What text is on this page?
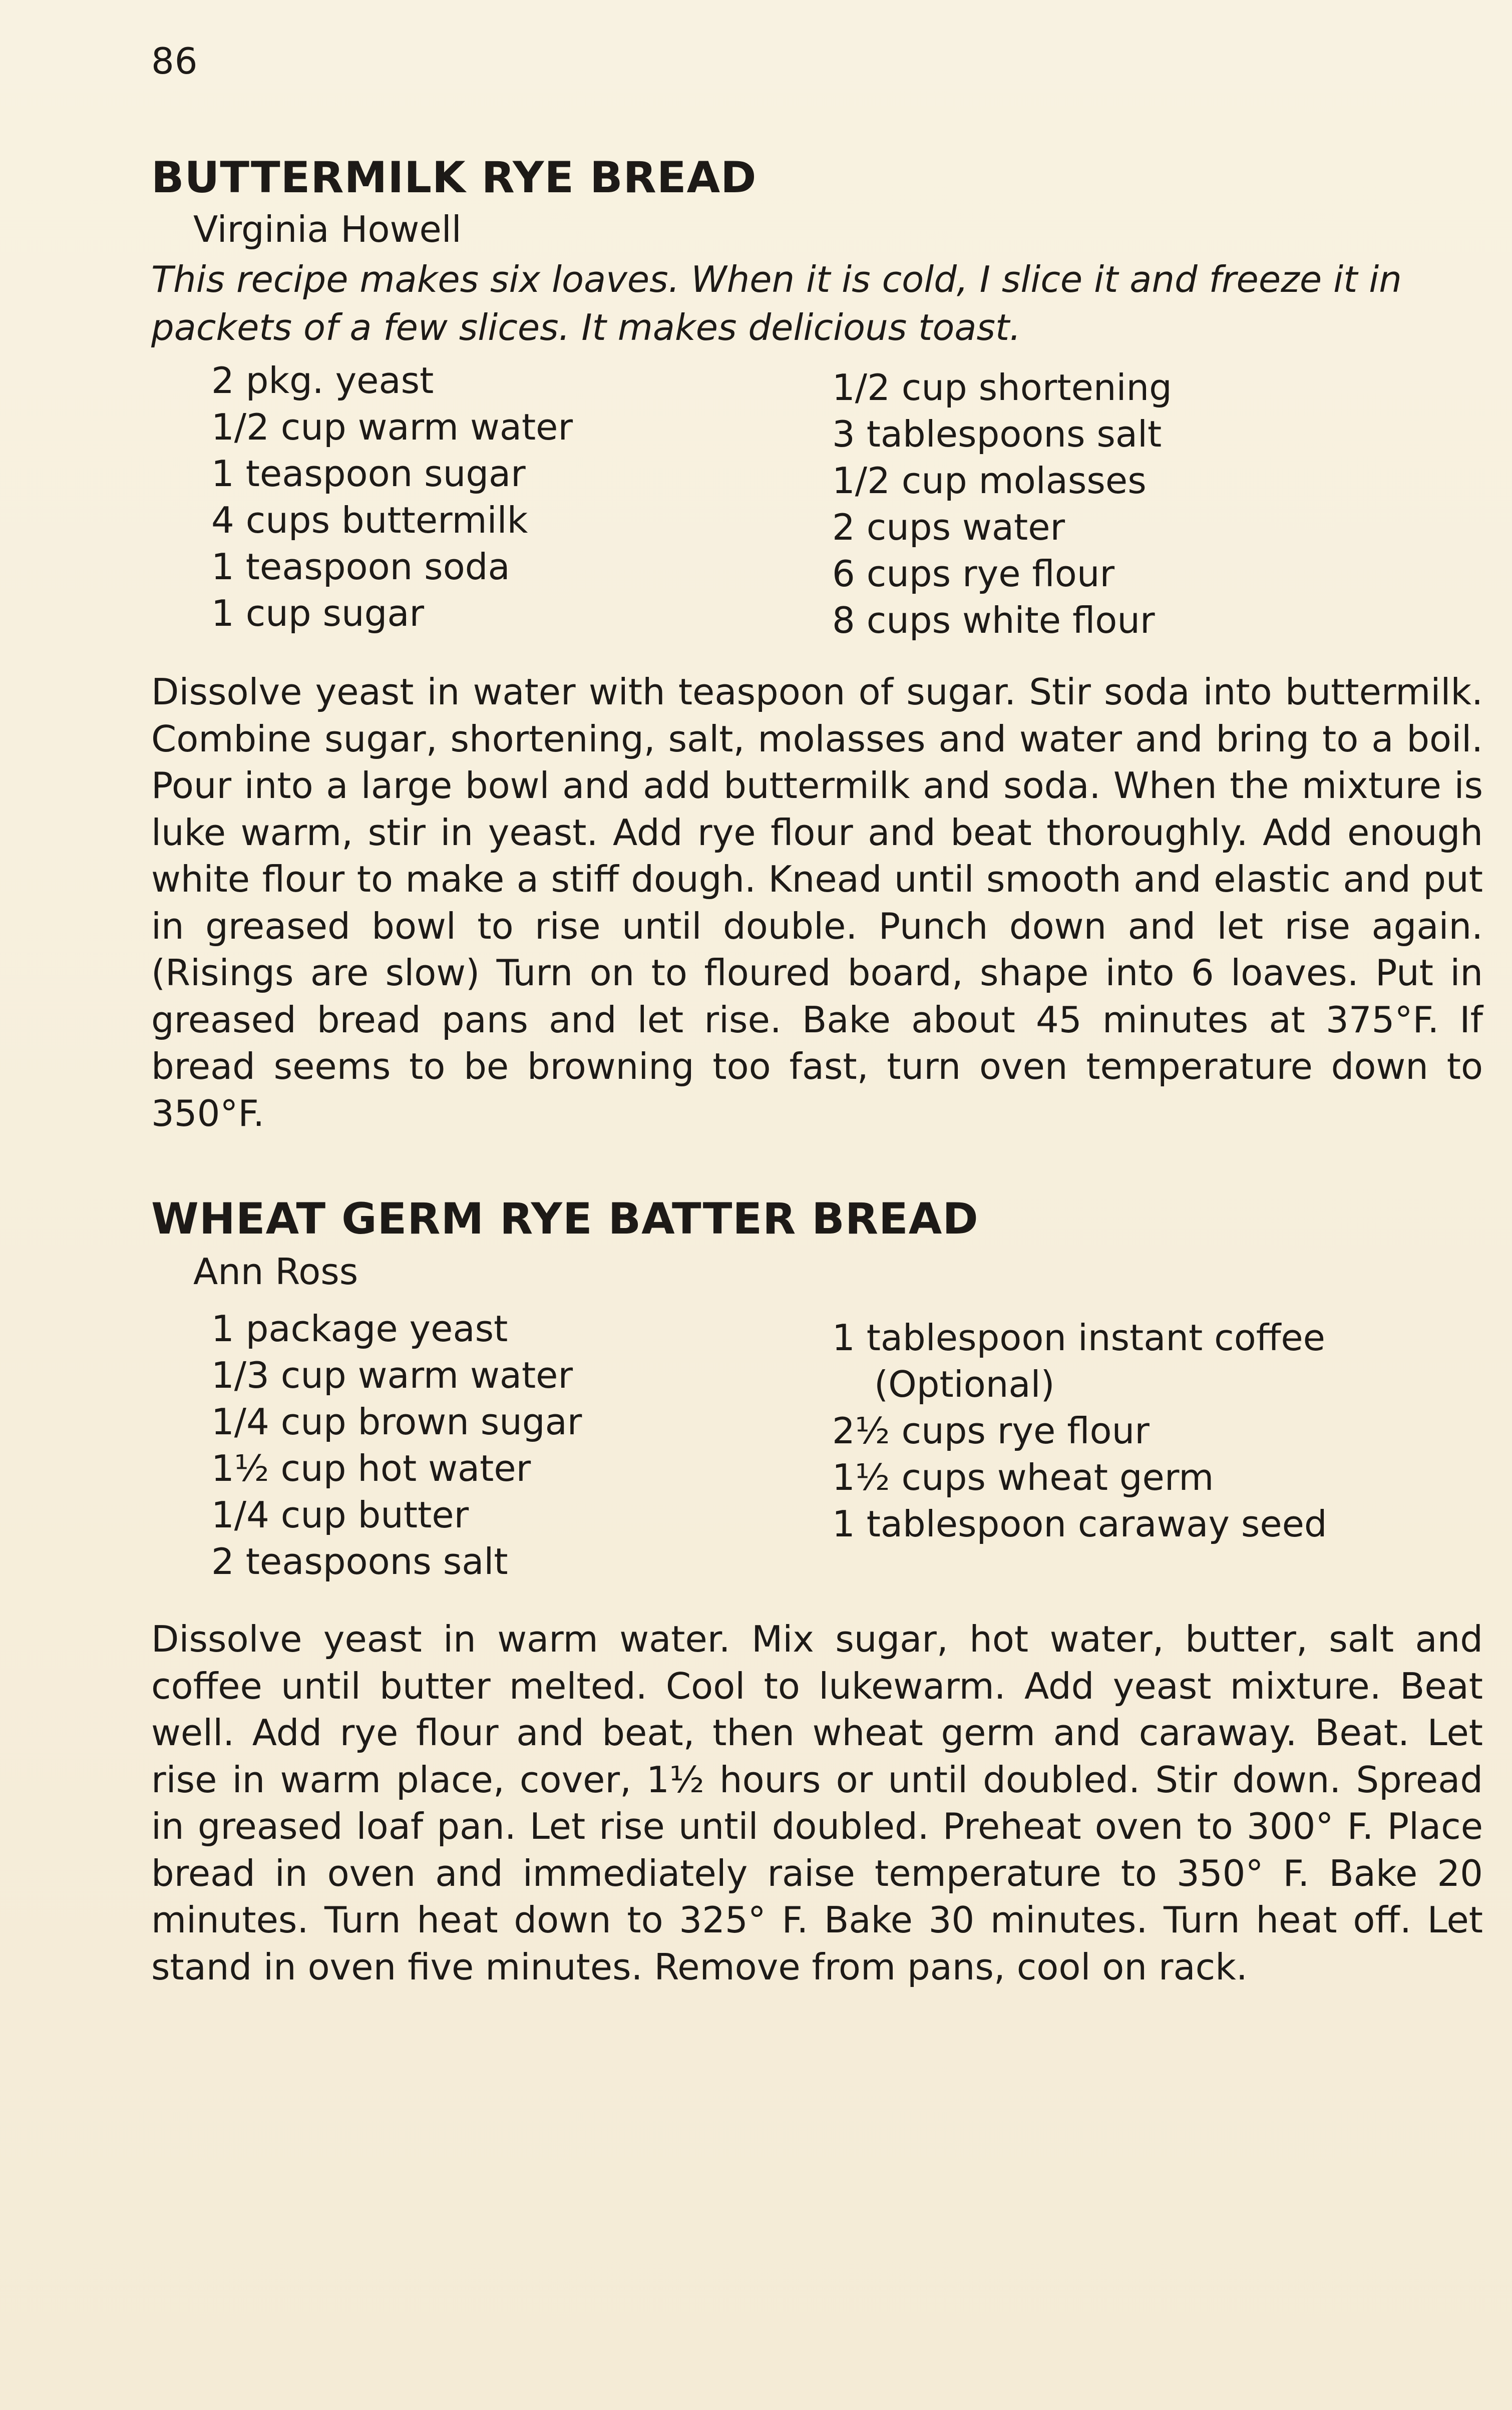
86
BUTTERMILK RYE BREAD
Virginia Howell
This recipe makes six loaves. When it is cold, I slice it and freeze it in packets of a few slices. It makes delicious toast.
2 pkg. yeast
1/2 cup warm water
1 teaspoon sugar
4 cups buttermilk
1 teaspoon soda
1 cup sugar
1/2 cup shortening
3 tablespoons salt
1/2 cup molasses
2 cups water
6 cups rye flour
8 cups white flour

Dissolve yeast in water with teaspoon of sugar. Stir soda into buttermilk. Combine sugar, shortening, salt, molasses and water and bring to a boil. Pour into a large bowl and add buttermilk and soda. When the mixture is luke warm, stir in yeast. Add rye flour and beat thoroughly. Add enough white flour to make a stiff dough. Knead until smooth and elastic and put in greased bowl to rise until double. Punch down and let rise again. (Risings are slow) Turn on to floured board, shape into 6 loaves. Put in greased bread pans and let rise. Bake about 45 minutes at 375°F. If bread seems to be browning too fast, turn oven temperature down to 350°F.

WHEAT GERM RYE BATTER BREAD
Ann Ross
1 package yeast
1/3 cup warm water
1/4 cup brown sugar
1½ cup hot water
1/4 cup butter
2 teaspoons salt
1 tablespoon instant coffee
(Optional)
2½ cups rye flour
1½ cups wheat germ
1 tablespoon caraway seed

Dissolve yeast in warm water. Mix sugar, hot water, butter, salt and coffee until butter melted. Cool to lukewarm. Add yeast mixture. Beat well. Add rye flour and beat, then wheat germ and caraway. Beat. Let rise in warm place, cover, 1½ hours or until doubled. Stir down. Spread in greased loaf pan. Let rise until doubled. Preheat oven to 300° F. Place bread in oven and immediately raise temperature to 350° F. Bake 20 minutes. Turn heat down to 325° F. Bake 30 minutes. Turn heat off. Let stand in oven five minutes. Remove from pans, cool on rack.
